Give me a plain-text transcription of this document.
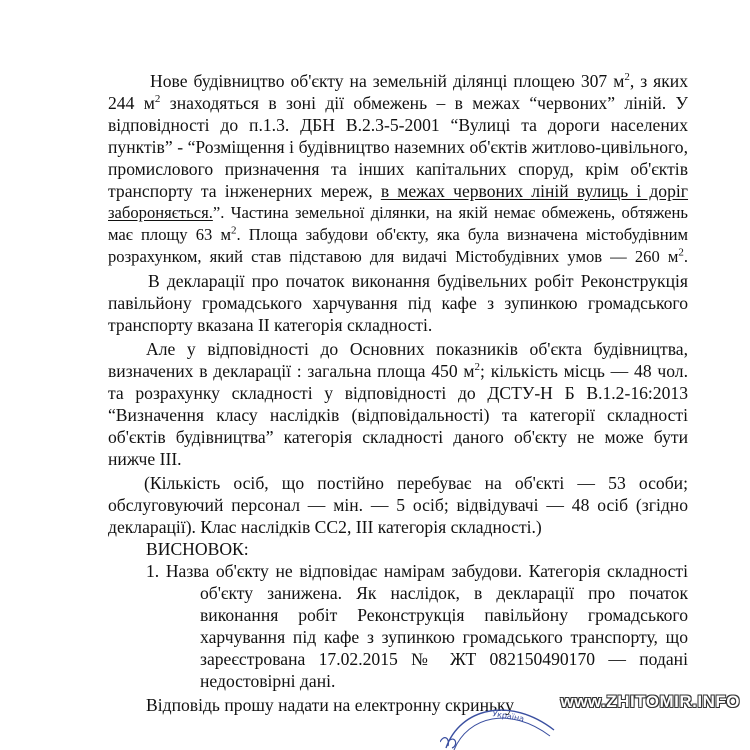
Нове будівництво об'єкту на земельній ділянці площею 307 $м^2$, з яких
244 $м^2$ знаходяться в зоні дії обмежень – в межах “червоних” ліній. У
відповідності до п.1.3. ДБН В.2.3-5-2001 “Вулиці та дороги населених
пунктів” - “Розміщення і будівництво наземних об'єктів житлово-цивільного,
промислового призначення та інших капітальних споруд, крім об'єктів
транспорту та інженерних мереж, в межах червоних ліній вулиць і доріг
забороняється.”. Частина земельної ділянки, на якій немає обмежень, обтяжень
має площу 63 $м^2$. Площа забудови об'єкту, яка була визначена містобудівним
розрахунком, який став підставою для видачі Містобудівних умов — 260 $м^2$.
В декларації про початок виконання будівельних робіт Реконструкція
павільйону громадського харчування під кафе з зупинкою громадського
транспорту вказана ІІ категорія складності.
Але у відповідності до Основних показників об'єкта будівництва,
визначених в декларації : загальна площа 450 $м^2$; кількість місць — 48 чол.
та розрахунку складності у відповідності до ДСТУ-Н Б В.1.2-16:2013
“Визначення класу наслідків (відповідальності) та категорії складності
об'єктів будівництва” категорія складності даного об'єкту не може бути
нижче ІІІ.
(Кількість осіб, що постійно перебуває на об'єкті — 53 особи;
обслуговуючий персонал — мін. — 5 осіб; відвідувачі — 48 осіб (згідно
декларації). Клас наслідків СС2, ІІІ категорія складності.)
ВИСНОВОК:
1. Назва об'єкту не відповідає намірам забудови. Категорія складності
об'єкту занижена. Як наслідок, в декларації про початок
виконання робіт Реконструкція павільйону громадського
харчування під кафе з зупинкою громадського транспорту, що
зареєстрована 17.02.2015 № ЖТ 082150490170 — подані
недостовірні дані.
Відповідь прошу надати на електронну скриньку
Україна
www.ZHITOMIR.INFO
